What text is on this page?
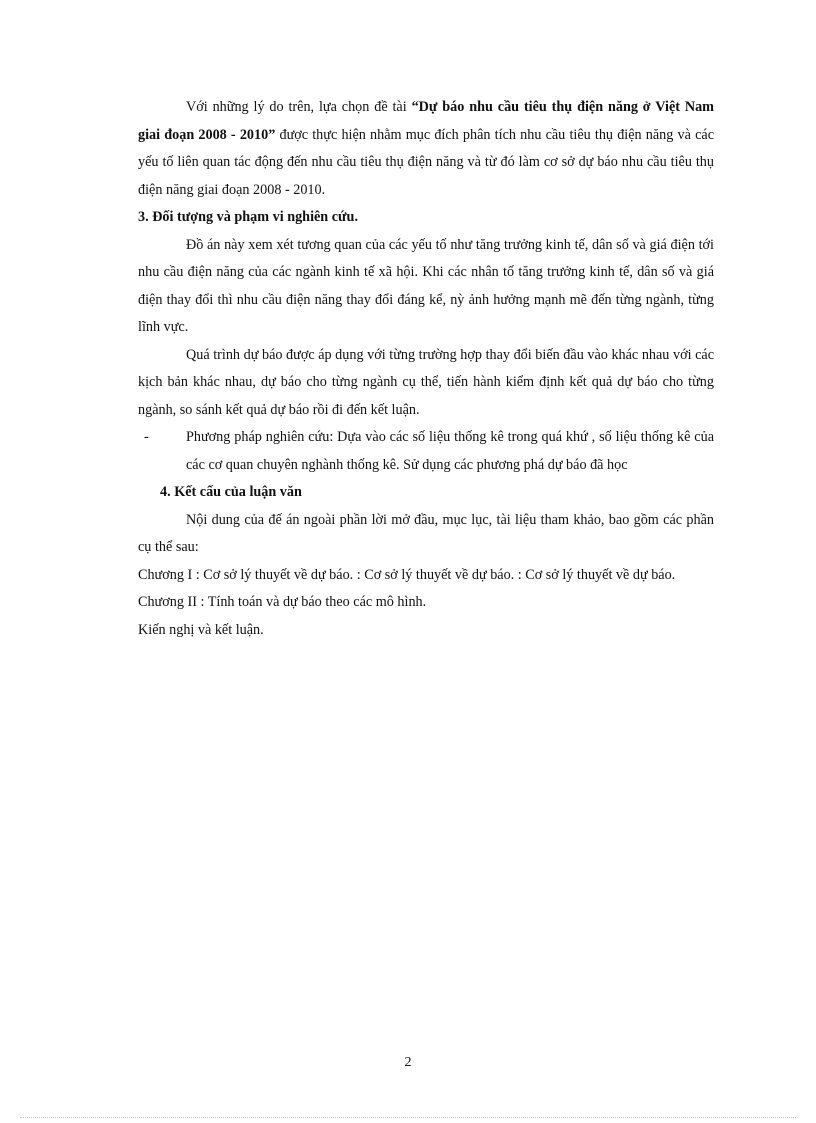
Với những lý do trên, lựa chọn đề tài “Dự báo nhu cầu tiêu thụ điện năng ở Việt Nam giai đoạn 2008 - 2010” được thực hiện nhằm mục đích phân tích nhu cầu tiêu thụ điện năng và các yếu tố liên quan tác động đến nhu cầu tiêu thụ điện năng và từ đó làm cơ sở dự báo nhu cầu tiêu thụ điện năng giai đoạn 2008 - 2010.

3. Đối tượng và phạm vi nghiên cứu.

Đồ án này xem xét tương quan của các yếu tố như tăng trưởng kinh tế, dân số và giá điện tới nhu cầu điện năng của các ngành kinh tế xã hội. Khi các nhân tố tăng trưởng kinh tế, dân số và giá điện thay đổi thì nhu cầu điện năng thay đổi đáng kể, nỳ ảnh hưởng mạnh mẽ đến từng ngành, từng lĩnh vực.

Quá trình dự báo được áp dụng với từng trường hợp thay đổi biến đầu vào khác nhau với các kịch bản khác nhau, dự báo cho từng ngành cụ thể, tiến hành kiểm định kết quả dự báo cho từng ngành, so sánh kết quả dự báo rồi đi đến kết luận.

-	Phương pháp nghiên cứu: Dựa vào các số liệu thống kê trong quá khứ , số liệu thống kê của các cơ quan chuyên nghành thống kê. Sử dụng các phương phá dự báo đã học

4. Kết cấu của luận văn

Nội dung của đế án ngoài phần lời mở đầu, mục lục, tài liệu tham khảo, bao gồm các phần cụ thể sau:

Chương I : Cơ sở lý thuyết về dự báo. : Cơ sở lý thuyết về dự báo. : Cơ sở lý thuyết về dự báo.

Chương II : Tính toán và dự báo theo các mô hình.

Kiến nghị và kết luận.

2
